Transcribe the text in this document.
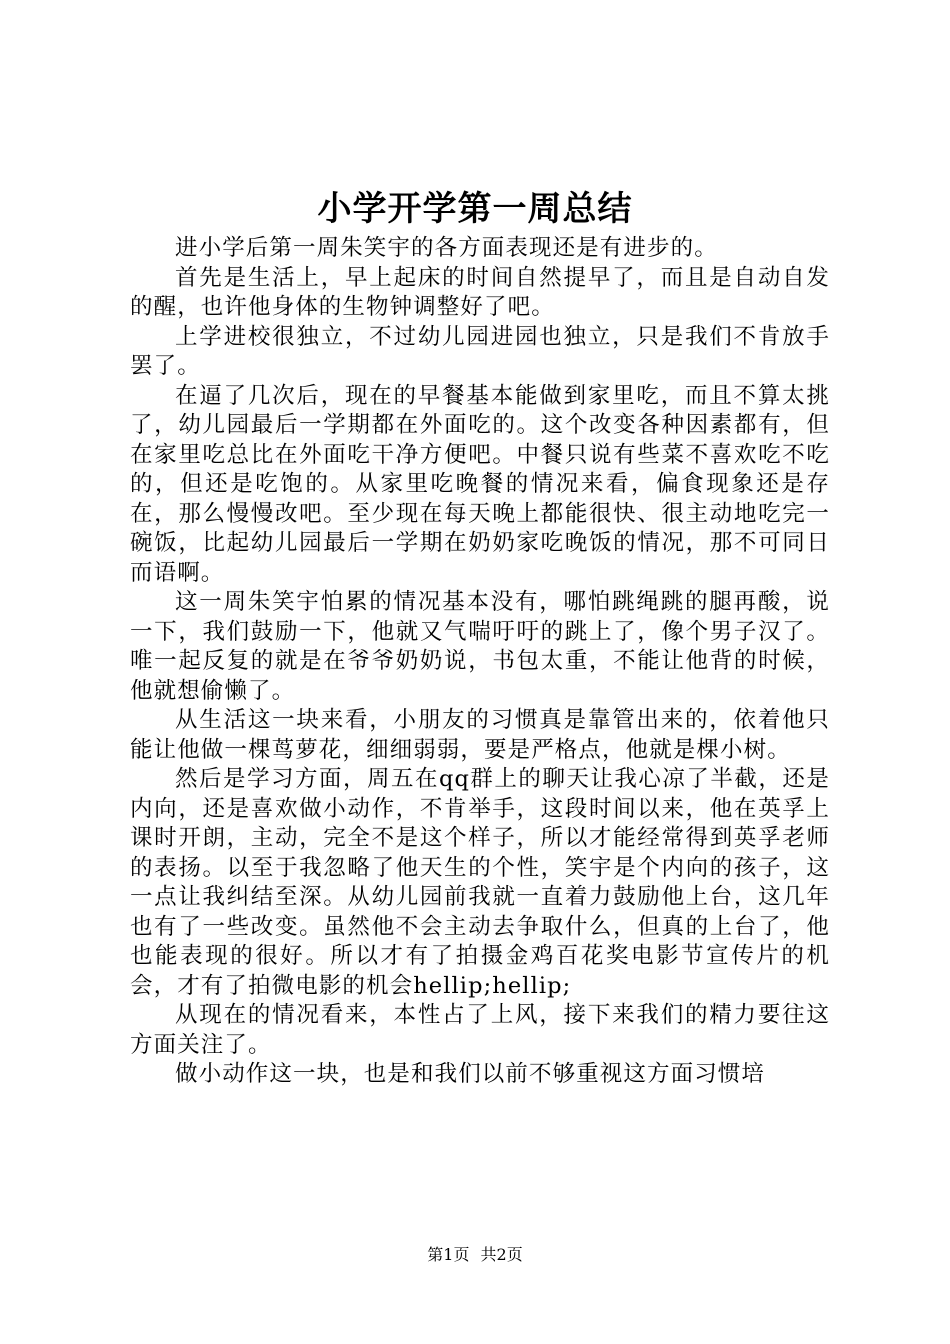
小学开学第一周总结

进小学后第一周朱笑宇的各方面表现还是有进步的。

首先是生活上，早上起床的时间自然提早了，而且是自动自发的醒，也许他身体的生物钟调整好了吧。

上学进校很独立，不过幼儿园进园也独立，只是我们不肯放手罢了。

在逼了几次后，现在的早餐基本能做到家里吃，而且不算太挑了，幼儿园最后一学期都在外面吃的。这个改变各种因素都有，但在家里吃总比在外面吃干净方便吧。中餐只说有些菜不喜欢吃不吃的，但还是吃饱的。从家里吃晚餐的情况来看，偏食现象还是存在，那么慢慢改吧。至少现在每天晚上都能很快、很主动地吃完一碗饭，比起幼儿园最后一学期在奶奶家吃晚饭的情况，那不可同日而语啊。

这一周朱笑宇怕累的情况基本没有，哪怕跳绳跳的腿再酸，说一下，我们鼓励一下，他就又气喘吁吁的跳上了，像个男子汉了。唯一起反复的就是在爷爷奶奶说，书包太重，不能让他背的时候，他就想偷懒了。

从生活这一块来看，小朋友的习惯真是靠管出来的，依着他只能让他做一棵茑萝花，细细弱弱，要是严格点，他就是棵小树。

然后是学习方面，周五在qq群上的聊天让我心凉了半截，还是内向，还是喜欢做小动作，不肯举手，这段时间以来，他在英孚上课时开朗，主动，完全不是这个样子，所以才能经常得到英孚老师的表扬。以至于我忽略了他天生的个性，笑宇是个内向的孩子，这一点让我纠结至深。从幼儿园前我就一直着力鼓励他上台，这几年也有了一些改变。虽然他不会主动去争取什么，但真的上台了，他也能表现的很好。所以才有了拍摄金鸡百花奖电影节宣传片的机会，才有了拍微电影的机会hellip;hellip;

从现在的情况看来，本性占了上风，接下来我们的精力要往这方面关注了。

做小动作这一块，也是和我们以前不够重视这方面习惯培

第1页 共2页
